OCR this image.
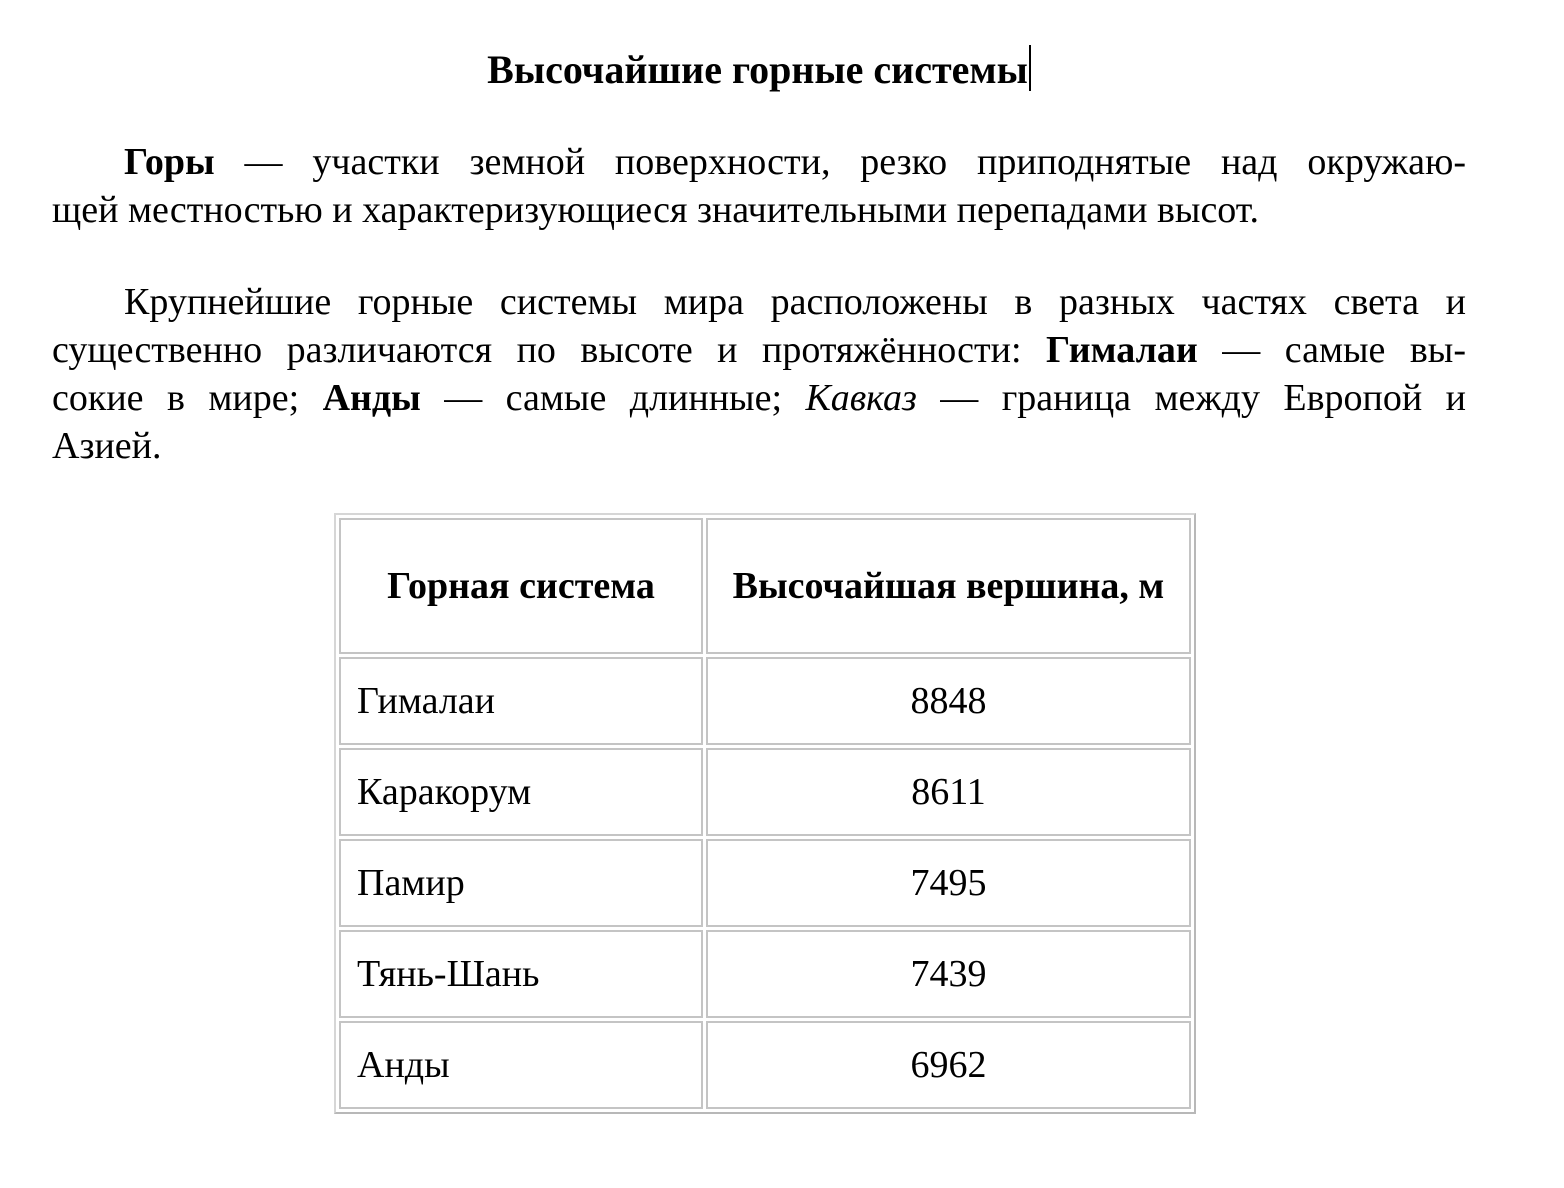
Высочайшие горные системы

Горы — участки земной поверхности, резко приподнятые над окружаю-
щей местностью и характеризующиеся значительными перепадами высот.

Крупнейшие горные системы мира расположены в разных частях света и
существенно различаются по высоте и протяжённости: Гималаи — самые вы-
сокие в мире; Анды — самые длинные; Кавказ — граница между Европой и
Азией.

Горная система	Высочайшая вершина, м
Гималаи	8848
Каракорум	8611
Памир	7495
Тянь-Шань	7439
Анды	6962
